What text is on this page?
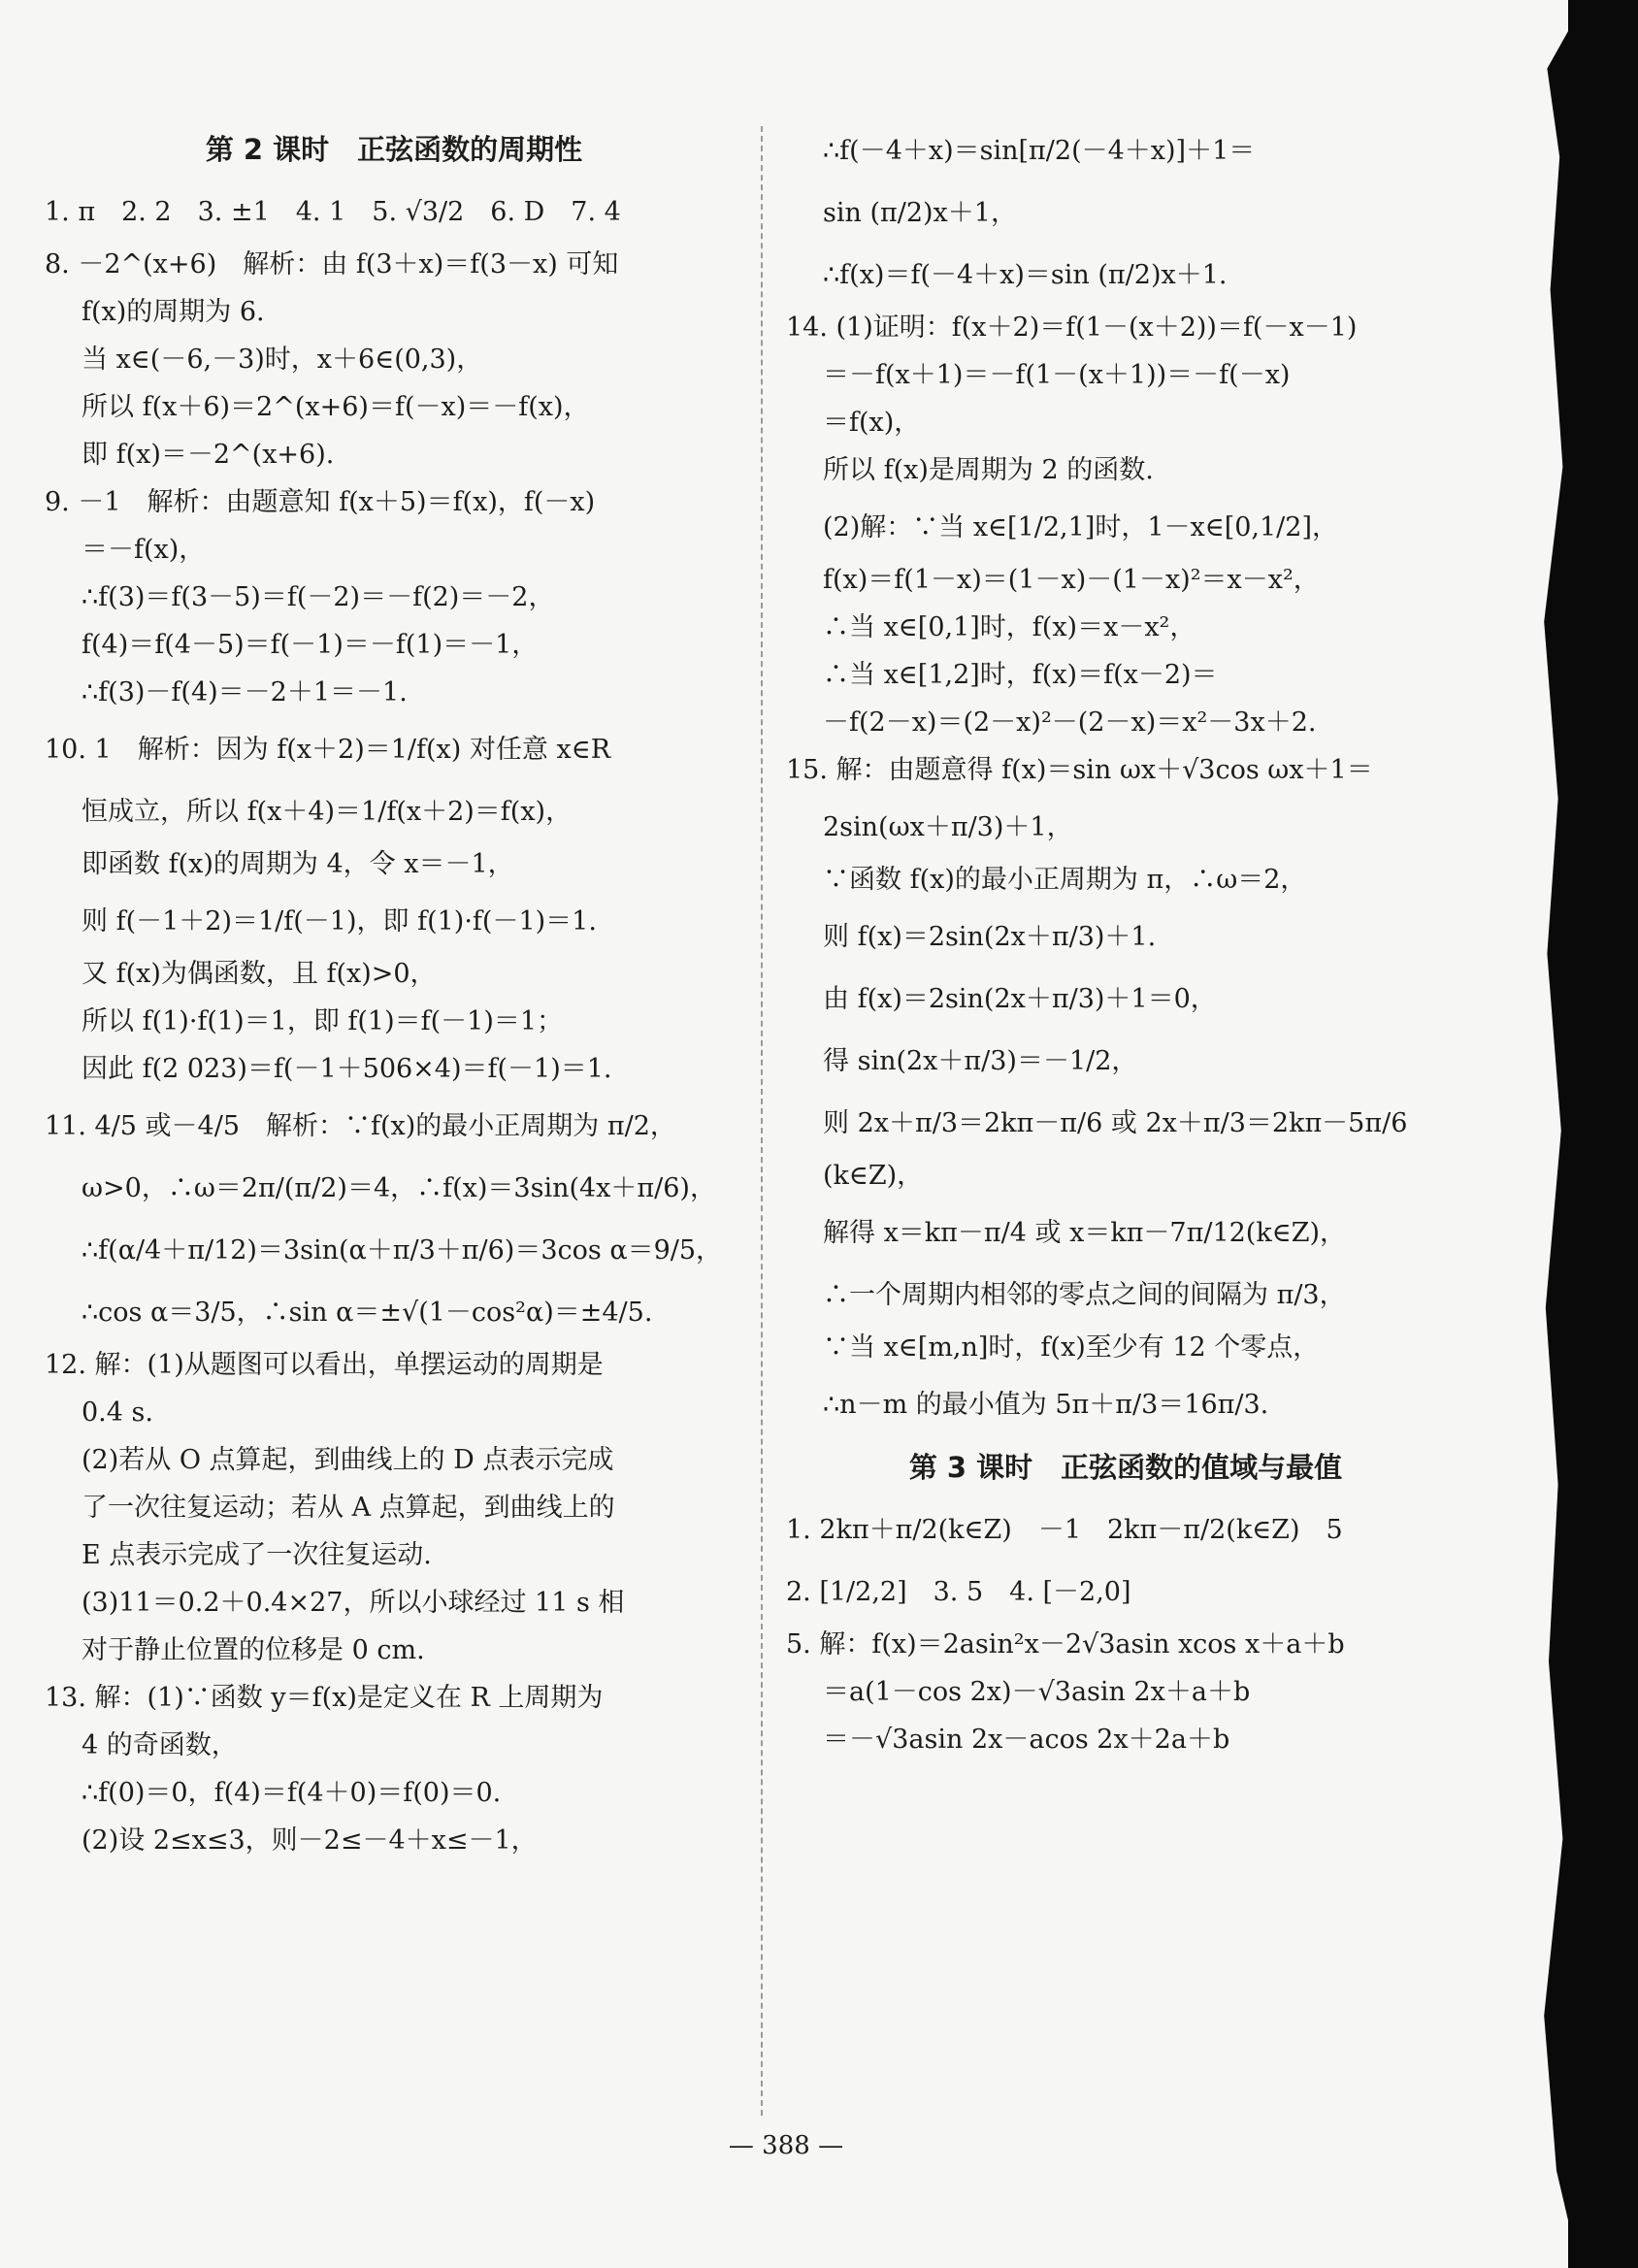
第 2 课时　正弦函数的周期性
1. π　2. 2　3. ±1　4. 1　5. √3/2　6. D　7. 4
8. －2^(x+6)　解析：由 f(3＋x)＝f(3－x) 可知
f(x)的周期为 6.
当 x∈(－6,－3)时，x＋6∈(0,3)，
所以 f(x＋6)＝2^(x+6)＝f(－x)＝－f(x)，
即 f(x)＝－2^(x+6).
9. －1　解析：由题意知 f(x＋5)＝f(x)，f(－x)
＝－f(x)，
∴f(3)＝f(3－5)＝f(－2)＝－f(2)＝－2，
f(4)＝f(4－5)＝f(－1)＝－f(1)＝－1，
∴f(3)－f(4)＝－2＋1＝－1.
10. 1　解析：因为 f(x＋2)＝1/f(x) 对任意 x∈R
恒成立，所以 f(x＋4)＝1/f(x＋2)＝f(x)，
即函数 f(x)的周期为 4，令 x＝－1，
则 f(－1＋2)＝1/f(－1)，即 f(1)·f(－1)＝1.
又 f(x)为偶函数，且 f(x)>0，
所以 f(1)·f(1)＝1，即 f(1)＝f(－1)＝1；
因此 f(2 023)＝f(－1＋506×4)＝f(－1)＝1.
11. 4/5 或－4/5　解析：∵f(x)的最小正周期为 π/2，
ω>0，∴ω＝2π/(π/2)＝4，∴f(x)＝3sin(4x＋π/6)，
∴f(α/4＋π/12)＝3sin(α＋π/3＋π/6)＝3cos α＝9/5，
∴cos α＝3/5，∴sin α＝±√(1－cos²α)＝±4/5.
12. 解：(1)从题图可以看出，单摆运动的周期是
0.4 s.
(2)若从 O 点算起，到曲线上的 D 点表示完成
了一次往复运动；若从 A 点算起，到曲线上的
E 点表示完成了一次往复运动.
(3)11＝0.2＋0.4×27，所以小球经过 11 s 相
对于静止位置的位移是 0 cm.
13. 解：(1)∵函数 y＝f(x)是定义在 R 上周期为
4 的奇函数，
∴f(0)＝0，f(4)＝f(4＋0)＝f(0)＝0.
(2)设 2≤x≤3，则－2≤－4＋x≤－1，
∴f(－4＋x)＝sin[π/2(－4＋x)]＋1＝
sin (π/2)x＋1，
∴f(x)＝f(－4＋x)＝sin (π/2)x＋1.
14. (1)证明：f(x＋2)＝f(1－(x＋2))＝f(－x－1)
＝－f(x＋1)＝－f(1－(x＋1))＝－f(－x)
＝f(x)，
所以 f(x)是周期为 2 的函数.
(2)解：∵当 x∈[1/2,1]时，1－x∈[0,1/2]，
f(x)＝f(1－x)＝(1－x)－(1－x)²＝x－x²，
∴当 x∈[0,1]时，f(x)＝x－x²，
∴当 x∈[1,2]时，f(x)＝f(x－2)＝
－f(2－x)＝(2－x)²－(2－x)＝x²－3x＋2.
15. 解：由题意得 f(x)＝sin ωx＋√3cos ωx＋1＝
2sin(ωx＋π/3)＋1，
∵函数 f(x)的最小正周期为 π，∴ω＝2，
则 f(x)＝2sin(2x＋π/3)＋1.
由 f(x)＝2sin(2x＋π/3)＋1＝0，
得 sin(2x＋π/3)＝－1/2，
则 2x＋π/3＝2kπ－π/6 或 2x＋π/3＝2kπ－5π/6
(k∈Z)，
解得 x＝kπ－π/4 或 x＝kπ－7π/12(k∈Z)，
∴一个周期内相邻的零点之间的间隔为 π/3，
∵当 x∈[m,n]时，f(x)至少有 12 个零点，
∴n－m 的最小值为 5π＋π/3＝16π/3.
第 3 课时　正弦函数的值域与最值
1. 2kπ＋π/2(k∈Z)　－1　2kπ－π/2(k∈Z)　5
2. [1/2,2]　3. 5　4. [－2,0]
5. 解：f(x)＝2asin²x－2√3asin xcos x＋a＋b
＝a(1－cos 2x)－√3asin 2x＋a＋b
＝－√3asin 2x－acos 2x＋2a＋b
— 388 —
